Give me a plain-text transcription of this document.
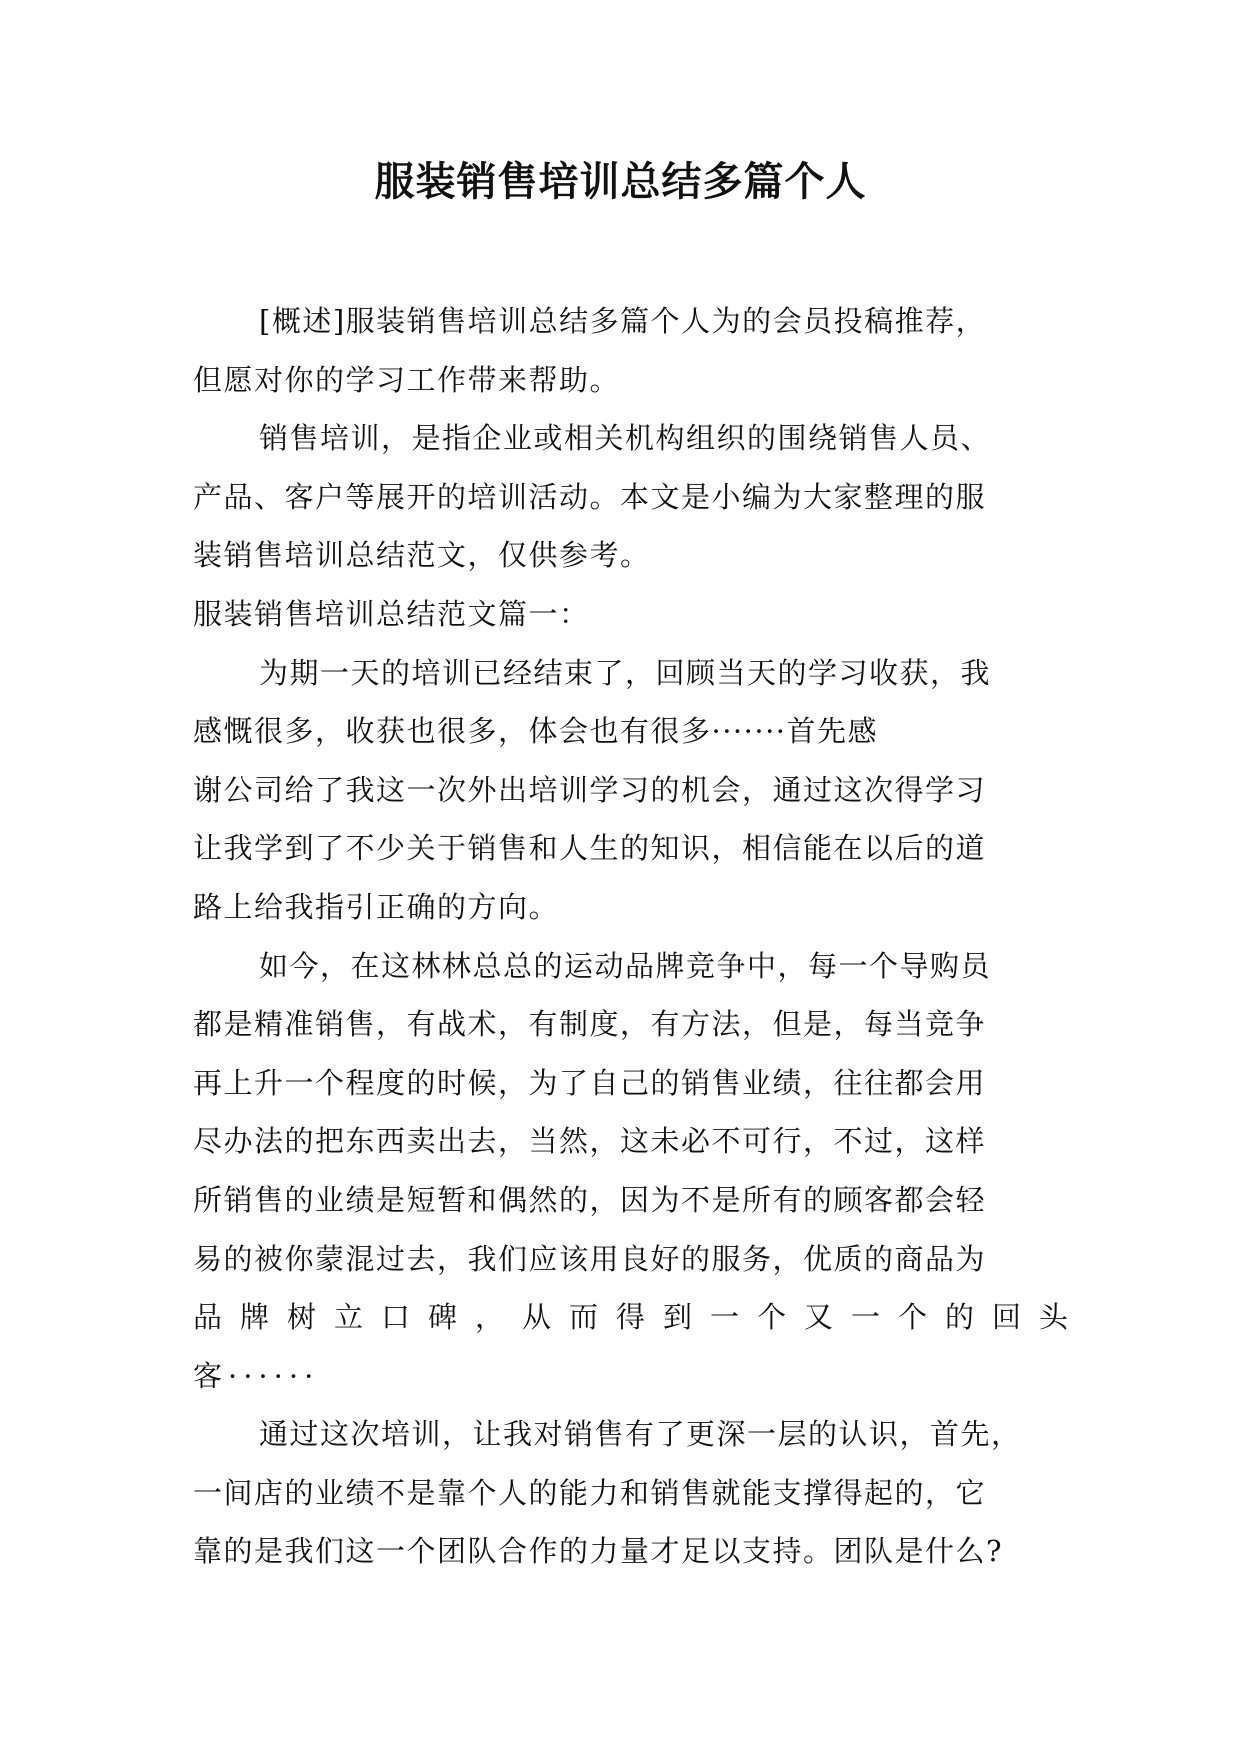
服装销售培训总结多篇个人
[概述]服装销售培训总结多篇个人为的会员投稿推荐，
但愿对你的学习工作带来帮助。
销售培训，是指企业或相关机构组织的围绕销售人员、
产品、客户等展开的培训活动。本文是小编为大家整理的服
装销售培训总结范文，仅供参考。
服装销售培训总结范文篇一：
为期一天的培训已经结束了，回顾当天的学习收获，我
感慨很多，收获也很多，体会也有很多·······首先感
谢公司给了我这一次外出培训学习的机会，通过这次得学习
让我学到了不少关于销售和人生的知识，相信能在以后的道
路上给我指引正确的方向。
如今，在这林林总总的运动品牌竞争中，每一个导购员
都是精准销售，有战术，有制度，有方法，但是，每当竞争
再上升一个程度的时候，为了自己的销售业绩，往往都会用
尽办法的把东西卖出去，当然，这未必不可行，不过，这样
所销售的业绩是短暂和偶然的，因为不是所有的顾客都会轻
易的被你蒙混过去，我们应该用良好的服务，优质的商品为
品牌树立口碑，从而得到一个又一个的回头
客······
通过这次培训，让我对销售有了更深一层的认识，首先，
一间店的业绩不是靠个人的能力和销售就能支撑得起的，它
靠的是我们这一个团队合作的力量才足以支持。团队是什么?
